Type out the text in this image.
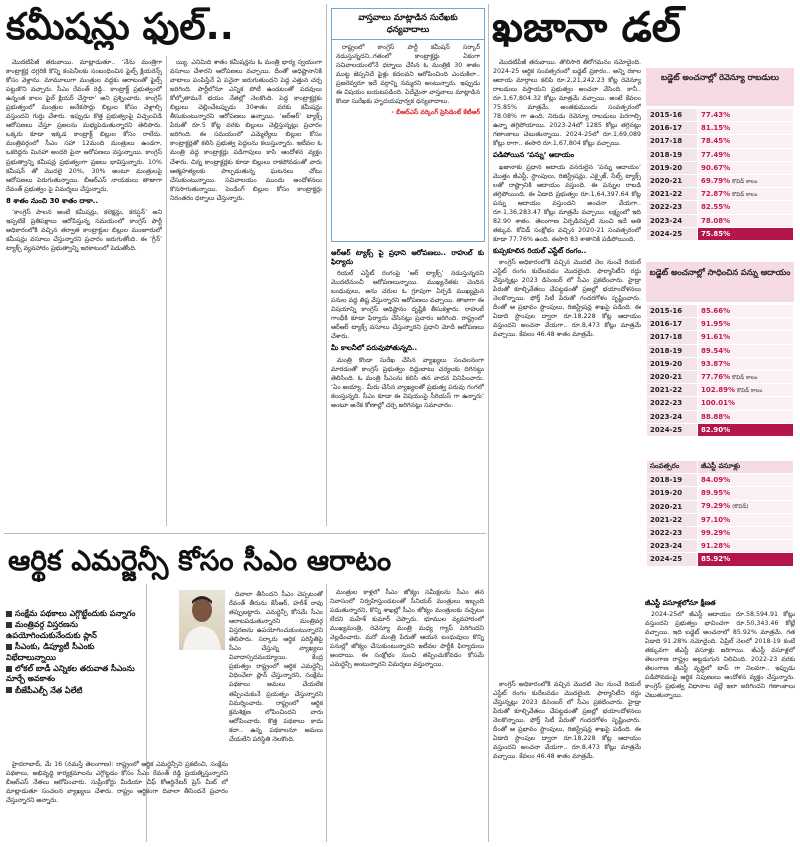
కమీషన్లు ఫుల్..	ఖజానా డల్
ఆర్థిక ఎమర్జెన్సీ కోసం సీఎం ఆరాటం

మొదటిపేజీ తరువాయి. మాట్లాడుతూ.. ‘నేను మంత్రిగా కాంట్రాక్టర్ల దగ్గరికి కొన్ని కంపెనీలకు సంబంధించిన ఫైల్స్ క్లియరెన్స్ కోసం వెళ్లాను. మామూలుగా మంత్రుల వద్దకు ఆరాటంతో ఫైల్స్ పట్టుకొని వచ్చారు. సీఎం రేవంత్ రెడ్డి.. కాంట్రాక్ట్ ప్రభుత్వంలో ఉన్నంత కాలం ఫైల్ క్లియర్ చేస్తారా’ అని ప్రశ్నించారు. కాంగ్రెస్ ప్రభుత్వంలో మంత్రుల అనేకసార్లు బిల్లుల కోసం వెళ్లాల్సి వస్తుందని గుర్తు చేశారు. ఇప్పుడు కొత్త ప్రభుత్వంపై విచ్చలవిడి ఆరోపణలు చేస్తూ ప్రజలను మభ్యపెడుతున్నారని తెలిపారు. ఒక్కరు కూడా ఇక్కడ కాంట్రాక్ట్ బిల్లుల కోసం రాలేదు. మంత్రివర్గంలో సీఎం సహా 12మంది మంత్రులు ఉండగా, ఒకరిద్దరు మినహా అందరి పైనా ఆరోపణలు వస్తున్నాయి. కాంగ్రెస్ ప్రభుత్వాన్ని కమీషన్ల ప్రభుత్వంగా ప్రజలు భావిస్తున్నారు. 10% కమీషన్ తో మొదలై 20%, 30% అంటూ మంత్రులపై ఆరోపణలు పెరుగుతున్నాయి. బీఆర్ఎస్ నాయకులు తాజాగా రేవంత్ ప్రభుత్వం పై విమర్శలు చేస్తున్నారు.

8 శాతం నుంచి 30 శాతం దాకా..

‘కాంగ్రెస్ పాలన అంటే కమీషన్లు, కలెక్షన్లు, కరప్షన్’ అని ఇప్పటికే ప్రతిపక్షాలు ఆరోపిస్తున్న సమయంలో కాంగ్రెస్ పార్టీ అధికారంలోకి వచ్చిన తర్వాత కాంట్రాక్టుల బిల్లుల మంజూరులో కమీషన్లు వసూలు చేస్తున్నారని ప్రచారం జరుగుతోంది. ఈ ‘గ్రీన్’ ట్యాక్స్ వ్యవహారం ప్రభుత్వాన్ని ఇరకాటంలో పెడుతోంది.

య్యి. ఎనిమిది శాతం కమీషన్లను ఓ మంత్రి భార్య స్వయంగా వసూలు చేశారని ఆరోపణలు వచ్చాయి. దీంతో అధిష్టానానికి వాటాలు పంపిస్తేనే ఏ పనైనా జరుగుతుందని పెద్ద ఎత్తున చర్చ జరిగింది. పార్టీలోనూ ఎన్నిక పోటీ ఉండటంతో పదవులు కోల్పోతామనే భయం నేతల్లో నెలకొంది. పెద్ద కాంట్రాక్టర్లకు బిల్లులు చెల్లించేటప్పుడు 30శాతం వరకు కమీషన్లు తీసుకుంటున్నారని ఆరోపణలు ఉన్నాయి. ‘ఆర్ఆర్’ ట్యాక్స్ పేరుతో రూ.5 కోట్ల వరకు బిల్లులు చెల్లిస్తున్నట్లు ప్రచారం జరిగింది. ఈ సమయంలో ఎమ్మెల్యేలు బిల్లుల కోసం కాంట్రాక్టర్లతో కలిసి ప్రభుత్వ పెద్దలను కలుస్తున్నారు. ఇటీవల ఓ మంత్రి వద్ద కాంట్రాక్టర్లు పడిగాపులు కాసి ఆందోళన వ్యక్తం చేశారు. చిన్న కాంట్రాక్టర్లకు కూడా బిల్లులు రాకపోవడంతో వారు ఆత్మహత్యలకు పాల్పడుతున్న ఘటనలు చోటు చేసుకుంటున్నాయి. సచివాలయం ముందు ఆందోళనలు కొనసాగుతున్నాయి. పెండింగ్ బిల్లుల కోసం కాంట్రాక్టర్లు నిరంతరం ధర్నాలు చేస్తున్నారు.

వాస్తవాలు మాట్లాడిన సురేఖకు ధన్యవాదాలు

రాష్ట్రంలో కాంగ్రెస్ పార్టీ కమీషన్ సర్కార్ నడుస్తున్నదని..గతంలో కాంట్రాక్టర్లు ఏకంగా సచివాలయంలోనే ధర్నాలు చేసిన ఓ మంత్రికి 30 శాతం ముట్ట జెప్పనిదే ఫైళ్లు కదలవని ఆరోపించింది ఎందుకిలా.. ప్రజలెవ్వరూ ఇదే వర్గాన్ని నమ్మరని అంటున్నారు. ఇప్పుడు ఈ విషయం బయటపడింది. ఏదేమైనా వాస్తవాలు మాట్లాడిన కొండా సురేఖకు హృదయపూర్వక ధన్యవాదాలు.

- బీఆర్ఎస్ వర్కింగ్ ప్రెసిడెంట్ కేటీఆర్
ఆర్ఆర్ ట్యాక్స్ పై ప్రధాని ఆరోపణలు.. రాహుల్ కు ఫిర్యాదు

రియల్ ఎస్టేట్ రంగంపై ‘ఆర్ ట్యాక్స్’ నడుస్తున్నదని మొదటినుంచీ ఆరోపణలున్నాయి. ముఖ్యనేతకు చెందిన బంధువులు, అను చరుల ఓ గ్రూపుగా ఏర్పడి ముఖ్యమైన పనుల వద్ద తిష్ట వేస్తున్నారని ఆరోపణలు వచ్చాయి. తాజాగా ఈ విషయాన్ని కాంగ్రెస్ అధిష్టానం దృష్టికి తీసుకెళ్లారు. రాహుల్ గాంధీకి కూడా ఫిర్యాదు చేసినట్లు ప్రచారం జరిగింది. రాష్ట్రంలో ఆర్ఆర్ ట్యాక్స్ వసూలు చేస్తున్నారని ప్రధాని మోదీ ఆరోపణలు చేశారు.

మీ కాలనీలో పరువుపోతున్నది..

మంత్రి కొండా సురేఖ చేసిన వ్యాఖ్యలు సంచలనంగా మారడంతో కాంగ్రెస్ ప్రభుత్వం దిద్దుబాటు చర్యలకు దిగినట్టు తెలిసింది. ఓ మంత్రి సీఎంను కలిసి తన వాదన వినిపించారు. ‘ఏం అయ్యా.. మీరు చేసిన వ్యాఖ్యలతో ప్రభుత్వ పరువు గంగలో కలుస్తున్నది. సీఎం కూడా ఈ విషయంపై సీరియస్ గా ఉన్నారు’ అంటూ అనేక కోణాల్లో చర్చ జరిగినట్లు సమాచారం.

మొదటిపేజీ తరువాయి. తొలిసారి తిరోగమనం నమోదైంది. 2024-25 ఆర్థిక సంవత్సరంలో బడ్జెట్ ప్రకారం.. అన్ని రకాల ఆదాయ మార్గాలు కలిపి రూ.2,21,242.23 కోట్ల రెవెన్యూ రాబడులు వస్తాయని ప్రభుత్వం అంచనా వేసింది. కానీ.. రూ.1,67,804.32 కోట్లు మాత్రమే వచ్చాయి. అంటే కేవలం 75.85% మాత్రమే. అంతకుముందు సంవత్సరంలో 78.08% గా ఉంది. నిరుడు రెవెన్యూ రాబడులు పెరగాల్సి ఉన్నా తగ్గిపోయాయి. 2023-24లో 1285 కోట్లు తగ్గినట్లు గణాంకాలు చెబుతున్నాయి. 2024-25లో రూ.1,69,089 కోట్లు రాగా.. ఈసారి రూ.1,67,804 కోట్లు వచ్చాయి.

పడిపోయిన ‘పన్ను’ ఆదాయం

ఖజానాకు ప్రధాన ఆదాయ వనరులైన ‘పన్ను ఆదాయం’ మొత్తం జీఎస్టీ, స్టాంపులు, రిజిస్ట్రేషన్లు, ఎక్సైజ్, సేల్స్ ట్యాక్స్ లతో రాష్ట్రానికి ఆదాయం వస్తుంది. ఈ పన్నుల రాబడి తగ్గిపోయింది. ఈ ఏడాది ప్రభుత్వం రూ.1,64,397.64 కోట్ల పన్ను ఆదాయం వస్తుందని అంచనా వేయగా.. రూ.1,36,283.47 కోట్లు మాత్రమే వచ్చాయి. లక్ష్యంలో ఇది 82.90 శాతం. తెలంగాణ ఏర్పడినప్పటి నుంచి ఇదే అతి తక్కువ. కోవిడ్ సంక్షోభం వచ్చిన 2020-21 సంవత్సరంలో కూడా 77.76% ఉంది. ఈసారి 83 శాతానికి పడిపోయింది.

కుప్పకూలిన రియల్ ఎస్టేట్ రంగం..

కాంగ్రెస్ అధికారంలోకి వచ్చిన మొదటి నెల నుంచే రియల్ ఎస్టేట్ రంగం కుదేలవడం మొదలైంది. ఫార్మాసిటీని రద్దు చేస్తున్నట్లు 2023 డిసెంబర్ లో సీఎం ప్రకటించారు. హైడ్రా పేరుతో కూల్చివేతలు చేపట్టడంతో ప్రజల్లో భయాందోళనలు నెలకొన్నాయి. ఫోర్త్ సిటీ పేరుతో గందరగోళం సృష్టించారు. దీంతో ఆ ప్రభావం స్టాంపులు, రిజిస్ట్రేషన్ల శాఖపై పడింది. ఈ ఏడాది స్టాంపుల ద్వారా రూ.18,228 కోట్ల ఆదాయం వస్తుందని అంచనా వేయగా.. రూ.8,473 కోట్లు మాత్రమే వచ్చాయి. కేవలం 46.48 శాతం మాత్రమే.

జీఎస్టీ వసూళ్లలోనూ క్షీణత

2024-25లో జీఎస్టీ ఆదాయం రూ.58,594.91 కోట్లు వస్తుందని ప్రభుత్వం భావించగా రూ.50,343.46 కోట్లే వచ్చాయి. ఇది బడ్జెట్ అంచనాలో 85.92% మాత్రమే. గత ఏడాది 91.28% నమోదైంది. ఏప్రిల్ నెలలో 2018-19 కంటే తక్కువగా జీఎస్టీ వసూళ్లు జరిగాయి. జీఎస్టీ వసూళ్లలో తెలంగాణ రాష్ట్రం అట్టడుగున నిలిచింది. 2022-23 వరకు తెలంగాణ జీఎస్టీ వృద్ధిలో టాప్ గా నిలవగా.. ఇప్పుడు పడిపోవడంపై ఆర్థిక నిపుణులు ఆందోళన వ్యక్తం చేస్తున్నారు. కాంగ్రెస్ ప్రభుత్వ విధానాల వల్లే ఇలా జరిగిందని గణాంకాలు చెబుతున్నాయి.

కాంగ్రెస్ అధికారంలోకి వచ్చిన మొదటి నెల నుంచే రియల్ ఎస్టేట్ రంగం కుదేలవడం మొదలైంది. ఫార్మాసిటీని రద్దు చేస్తున్నట్లు 2023 డిసెంబర్ లో సీఎం ప్రకటించారు. హైడ్రా పేరుతో కూల్చివేతలు చేపట్టడంతో ప్రజల్లో భయాందోళనలు నెలకొన్నాయి. ఫోర్త్ సిటీ పేరుతో గందరగోళం సృష్టించారు. దీంతో ఆ ప్రభావం స్టాంపులు, రిజిస్ట్రేషన్ల శాఖపై పడింది. ఈ ఏడాది స్టాంపుల ద్వారా రూ.18,228 కోట్ల ఆదాయం వస్తుందని అంచనా వేయగా.. రూ.8,473 కోట్లు మాత్రమే వచ్చాయి. కేవలం 46.48 శాతం మాత్రమే.

బడ్జెట్ అంచనాల్లో రెవెన్యూ రాబడులు
2015-16	77.43%
2016-17	81.15%
2017-18	78.45%
2018-19	77.49%
2019-20	90.67%
2020-21	69.79% కొవిడ్ కాలం
2021-22	72.87% కొవిడ్ కాలం
2022-23	82.55%
2023-24	78.08%
2024-25	75.85%
బడ్జెట్ అంచనాల్లో సాధించిన పన్ను ఆదాయం
2015-16	85.66%
2016-17	91.95%
2017-18	91.61%
2018-19	89.54%
2019-20	93.87%
2020-21	77.76% కొవిడ్ కాలం
2021-22	102.89% కొవిడ్ కాలం
2022-23	100.01%
2023-24	88.88%
2024-25	82.90%
సంవత్సరం	జీఎస్టీ వసూళ్లు
2018-19	84.09%
2019-20	89.95%
2020-21	79.29% (కొవిడ్)
2021-22	97.10%
2022-23	99.29%
2023-24	91.28%
2024-25	85.92%
సంక్షేమ పథకాలు ఎగ్గొట్టేందుకు పన్నాగం
మంత్రివర్గ విస్తరణను ఉపయోగించుకునేందుకు ప్లాన్
సీఎంకు, డిప్యూటీ సీఎంకు విభేదాలున్నాయి
లోకల్ బాడీ ఎన్నికల తరువాత సీఎంను మార్చే అవకాశం
బీజేపీఎల్పీ నేత ఏలేటి

దివాలా తీసిందని సీఎం చెప్పటంతో రేవంత్ తీరును కేసీఆర్, హరీశ్ రావు తప్పుబట్టారు. ఎమర్జెన్సీ కోసమే సీఎం ఆరాటపడుతున్నారని మంత్రివర్గ విస్తరణను ఉపయోగించుకుంటున్నారని తెలిపారు. సర్కారు ఆర్థిక పరిస్థితిపై సీఎం చేస్తున్న వ్యాఖ్యలు వివాదాస్పదమయ్యాయి. కేంద్ర ప్రభుత్వం రాష్ట్రంలో ఆర్థిక ఎమర్జెన్సీ విధించేలా ప్లాన్ చేస్తున్నారని, సంక్షేమ పథకాలు అమలు చేయలేక తప్పించుకునే ప్రయత్నం చేస్తున్నారని విమర్శించారు. రాష్ట్రంలో ఆర్థిక క్రమశిక్షణ లోపించిందని వారు ఆరోపించారు. కొత్త పథకాలు కాదు కదా.. ఉన్న పథకాలనూ అమలు చేయలేని పరిస్థితి నెలకొంది.

మంత్రుల కాళ్లలో సీఎం జోక్యం సమీక్షలను సీఎం తన నివాసంలో నిర్వహిస్తుండటంతో సీనియర్ మంత్రులు ఇబ్బంది పడుతున్నారని, కొన్ని శాఖల్లో సీఎం జోక్యం మంత్రులకు నచ్చటం లేదని మహేశ్ కుమార్ చెప్పారు. భూముల వ్యవహారంలో ముఖ్యమంత్రి, రెవెన్యూ మంత్రి మధ్య గ్యాప్ పెరిగిందని వెల్లడించారు. మరో మంత్రి పేరుతో ఆయన బంధువులు కొన్ని పనుల్లో జోక్యం చేసుకుంటున్నారని ఇటీవల పార్టీకి ఫిర్యాదులు అందాయి. ఈ సంక్షోభం నుంచి తప్పించుకోవడం కోసమే ఎమర్జెన్సీ అంటున్నారని విమర్శలు వస్తున్నాయి.

హైదరాబాద్, మే 16 (నమస్తే తెలంగాణ): రాష్ట్రంలో ఆర్థిక ఎమర్జెన్సీని ప్రకటించి, సంక్షేమ పథకాలు, అభివృద్ధి కార్యక్రమాలను ఎగ్గొట్టడం కోసం సీఎం రేవంత్ రెడ్డి ప్రయత్నిస్తున్నారని బీఆర్ఎస్ నేతలు ఆరోపించారు. సుప్రీంకోర్టు మీడియా చీఫ్ కోఆర్డినేటర్ ప్రెస్ మీట్ లో మాట్లాడుతూ సంచలన వ్యాఖ్యలు చేశారు. రాష్ట్రం ఆర్థికంగా దివాలా తీసిందనే ప్రచారం చేస్తున్నారని అన్నారు.
